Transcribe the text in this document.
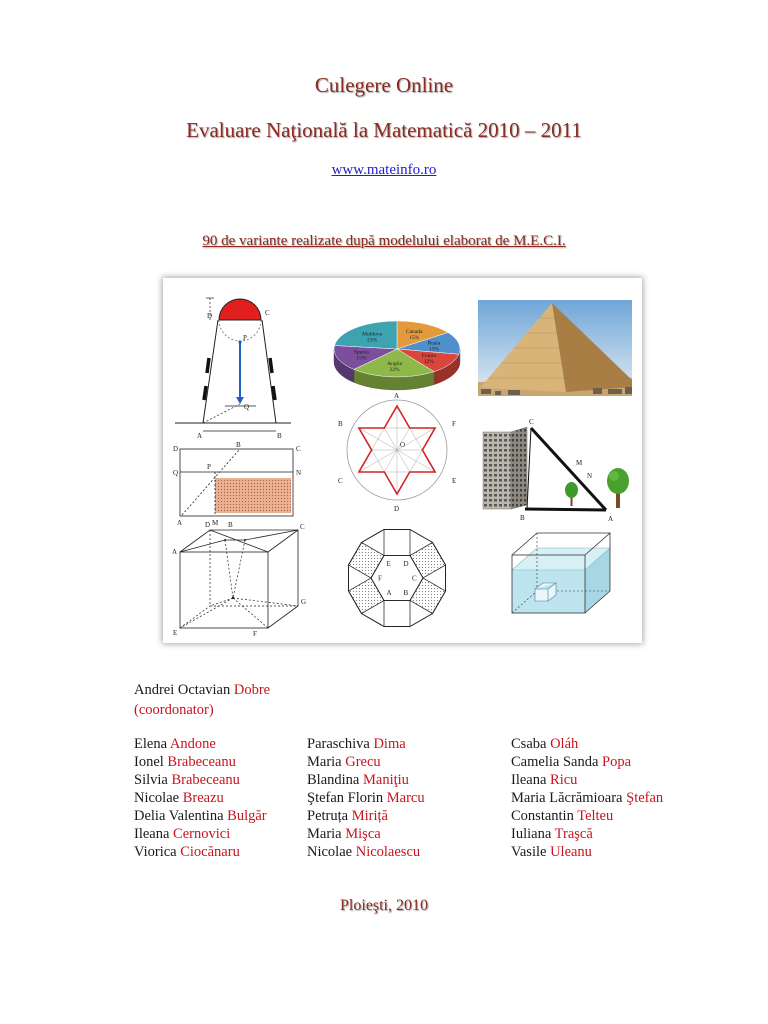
Culegere Online
Evaluare Naţională la Matematică 2010 – 2011
www.mateinfo.ro
90 de variante realizate după modelului elaborat de M.E.C.I.
Canada 15%
Rusia 13%
Franta 12%
Anglia 22%
Spania 15%
Moldova 23%
D	C
P
Q
A	B
A
B
C
D
E
F
O
D	C
B
Q
P
N
A	M
C
M
N
B	A
B	C
A
D
E	F
G
A B
C
D
E
F
Andrei Octavian Dobre
(coordonator)
Elena Andone
Ionel Brabeceanu
Silvia Brabeceanu
Nicolae Breazu
Delia Valentina Bulgăr
Ileana Cernovici
Viorica Ciocănaru
Paraschiva Dima
Maria Grecu
Blandina Maniţiu
Ştefan Florin Marcu
Petruța Miriță
Maria Mişca
Nicolae Nicolaescu
Csaba Oláh
Camelia Sanda Popa
Ileana Ricu
Maria Lăcrămioara Ştefan
Constantin Telteu
Iuliana Traşcă
Vasile Uleanu
Ploieşti, 2010
